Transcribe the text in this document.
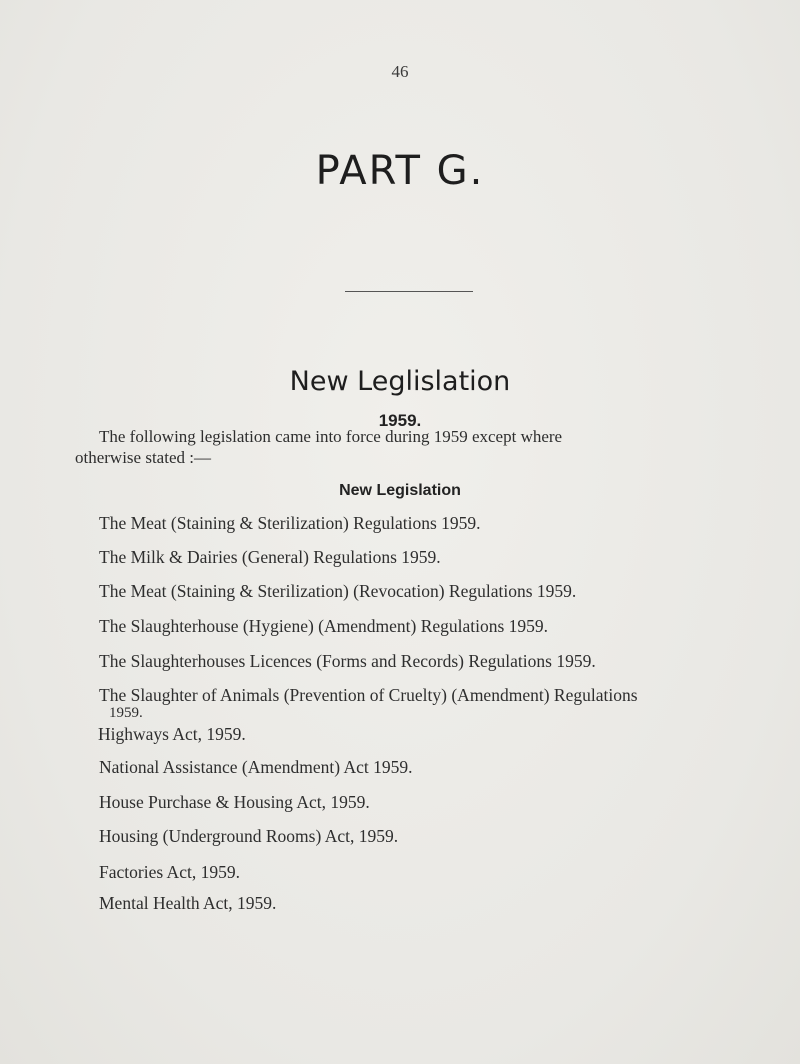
46
PART G.
New Leglislation
1959.
The following legislation came into force during 1959 except where
otherwise stated :—
New Legislation
The Meat (Staining & Sterilization) Regulations 1959.
The Milk & Dairies (General) Regulations 1959.
The Meat (Staining & Sterilization) (Revocation) Regulations 1959.
The Slaughterhouse (Hygiene) (Amendment) Regulations 1959.
The Slaughterhouses Licences (Forms and Records) Regulations 1959.
The Slaughter of Animals (Prevention of Cruelty) (Amendment) Regulations
1959.
Highways Act, 1959.
National Assistance (Amendment) Act 1959.
House Purchase & Housing Act, 1959.
Housing (Underground Rooms) Act, 1959.
Factories Act, 1959.
Mental Health Act, 1959.
